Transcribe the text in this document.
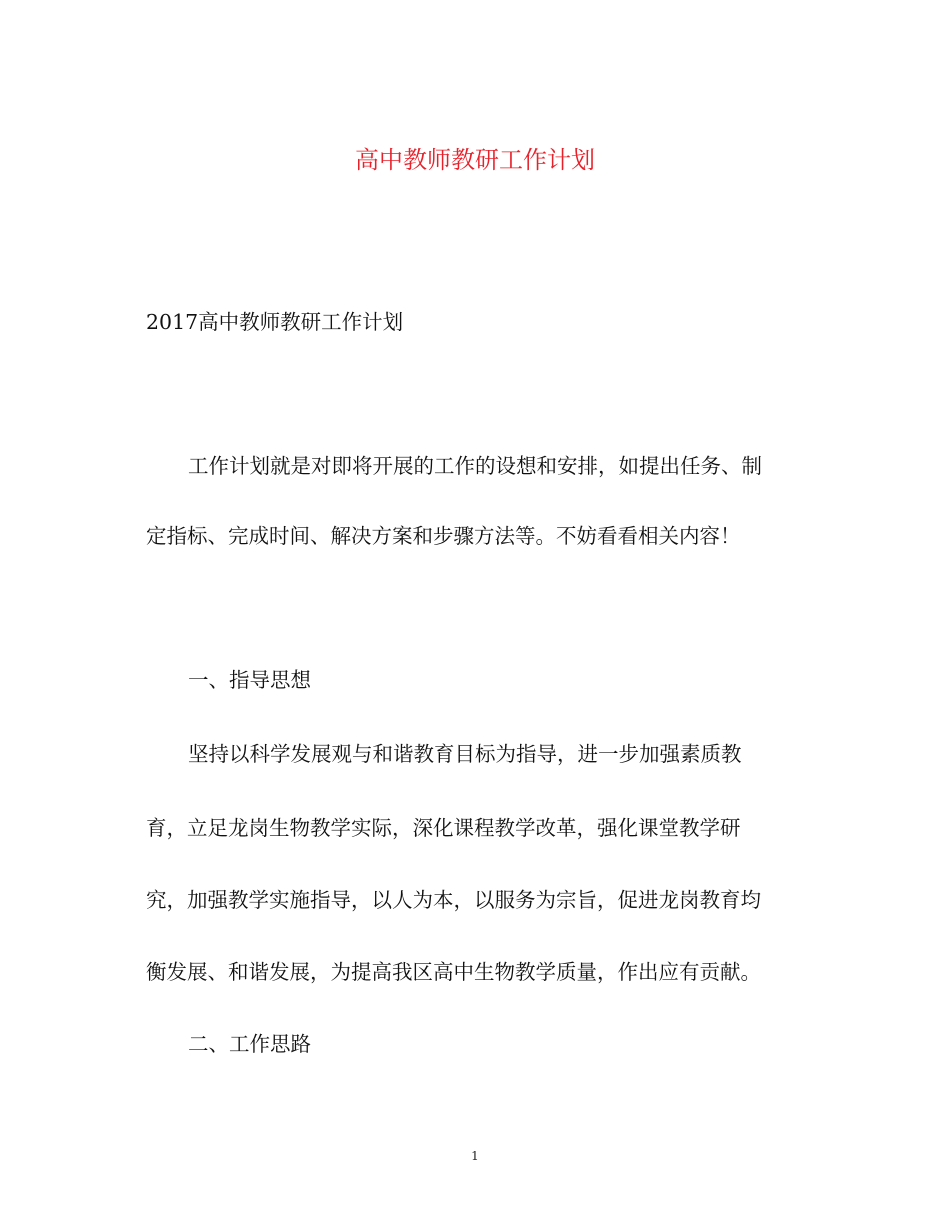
高中教师教研工作计划

2017高中教师教研工作计划

工作计划就是对即将开展的工作的设想和安排，如提出任务、制

定指标、完成时间、解决方案和步骤方法等。不妨看看相关内容！

一、指导思想

坚持以科学发展观与和谐教育目标为指导，进一步加强素质教

育，立足龙岗生物教学实际，深化课程教学改革，强化课堂教学研

究，加强教学实施指导，以人为本，以服务为宗旨，促进龙岗教育均

衡发展、和谐发展，为提高我区高中生物教学质量，作出应有贡献。

二、工作思路

1
